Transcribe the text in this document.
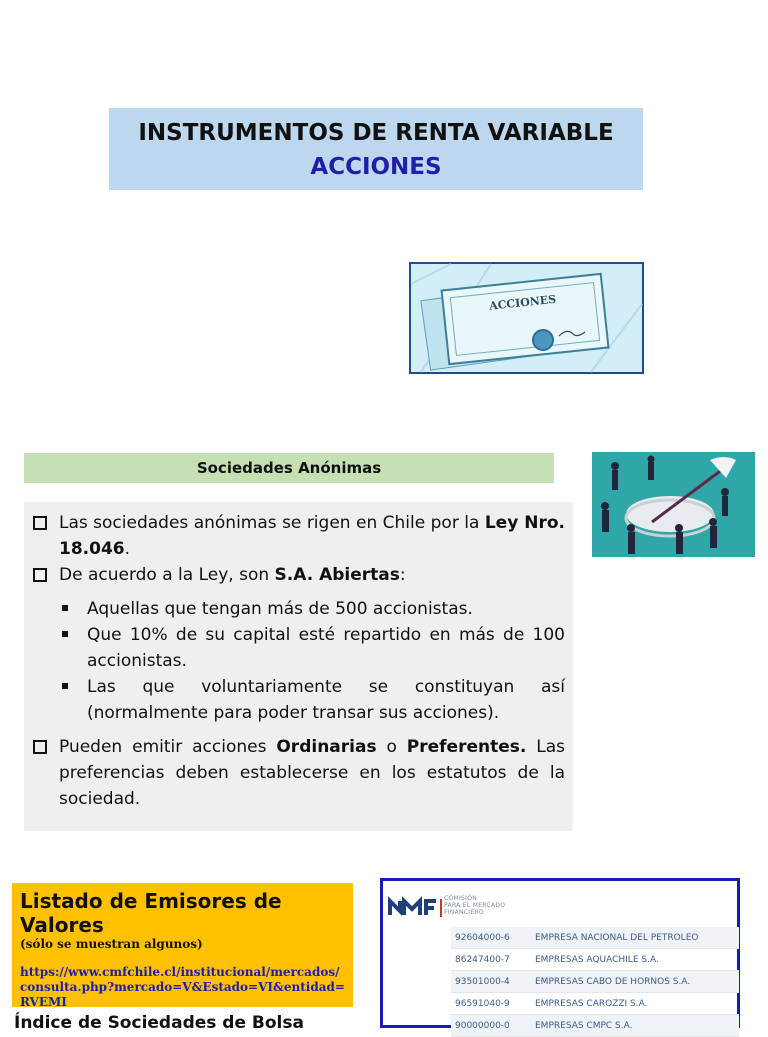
INSTRUMENTOS DE RENTA VARIABLE
ACCIONES
ACCIONES
Sociedades Anónimas
Las sociedades anónimas se rigen en Chile por la Ley Nro. 18.046.
De acuerdo a la Ley, son S.A. Abiertas:
Aquellas que tengan más de 500 accionistas.
Que 10% de su capital esté repartido en más de 100 accionistas.
Las que voluntariamente se constituyan así (normalmente para poder transar sus acciones).
Pueden emitir acciones Ordinarias o Preferentes. Las preferencias deben establecerse en los estatutos de la sociedad.
Listado de Emisores de Valores
(sólo se muestran algunos)
https://www.cmfchile.cl/institucional/mercados/consulta.php?mercado=V&Estado=VI&entidad=RVEMI
Índice de Sociedades de Bolsa
COMISIÓN
PARA EL MERCADO
FINANCIERO
92604000-6	EMPRESA NACIONAL DEL PETROLEO
86247400-7	EMPRESAS AQUACHILE S.A.
93501000-4	EMPRESAS CABO DE HORNOS S.A.
96591040-9	EMPRESAS CAROZZI S.A.
90000000-0	EMPRESAS CMPC S.A.
